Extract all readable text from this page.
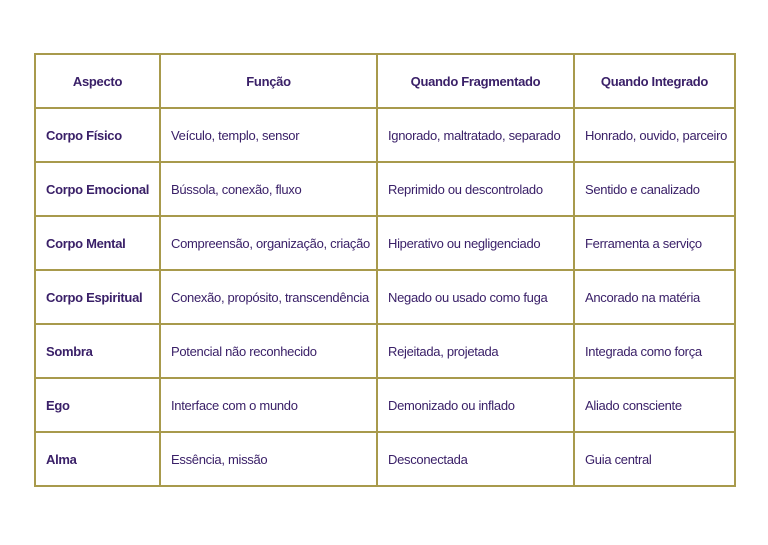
Aspecto	Função	Quando Fragmentado	Quando Integrado
Corpo Físico	Veículo, templo, sensor	Ignorado, maltratado, separado	Honrado, ouvido, parceiro
Corpo Emocional	Bússola, conexão, fluxo	Reprimido ou descontrolado	Sentido e canalizado
Corpo Mental	Compreensão, organização, criação	Hiperativo ou negligenciado	Ferramenta a serviço
Corpo Espiritual	Conexão, propósito, transcendência	Negado ou usado como fuga	Ancorado na matéria
Sombra	Potencial não reconhecido	Rejeitada, projetada	Integrada como força
Ego	Interface com o mundo	Demonizado ou inflado	Aliado consciente
Alma	Essência, missão	Desconectada	Guia central
